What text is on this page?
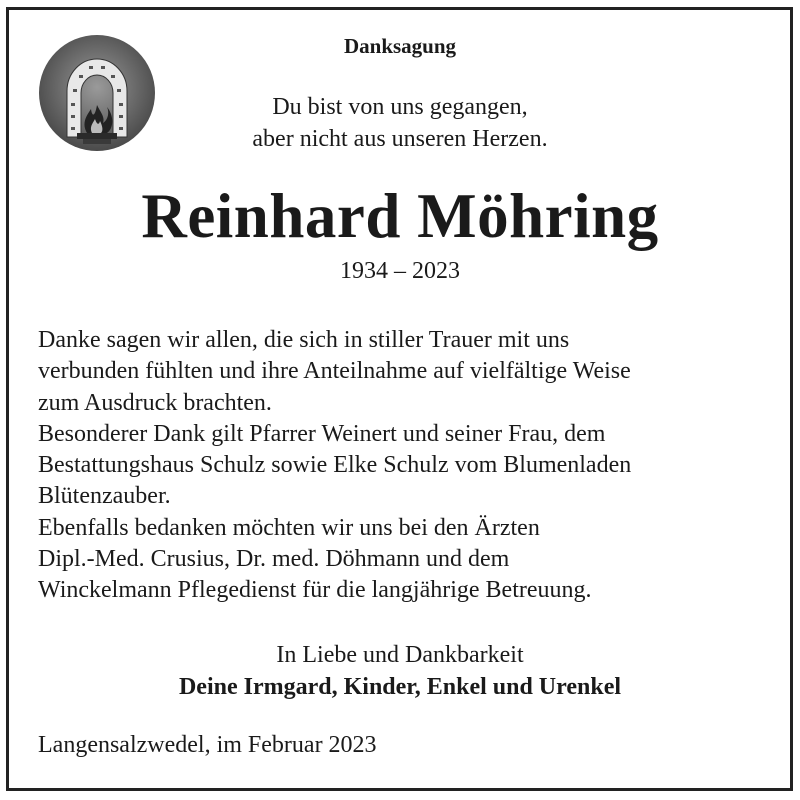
Danksagung
Du bist von uns gegangen,
aber nicht aus unseren Herzen.
Reinhard Möhring
1934 – 2023
Danke sagen wir allen, die sich in stiller Trauer mit uns
verbunden fühlten und ihre Anteilnahme auf vielfältige Weise
zum Ausdruck brachten.
Besonderer Dank gilt Pfarrer Weinert und seiner Frau, dem
Bestattungshaus Schulz sowie Elke Schulz vom Blumenladen
Blütenzauber.
Ebenfalls bedanken möchten wir uns bei den Ärzten
Dipl.-Med. Crusius, Dr. med. Döhmann und dem
Winckelmann Pflegedienst für die langjährige Betreuung.
In Liebe und Dankbarkeit
Deine Irmgard, Kinder, Enkel und Urenkel
Langensalzwedel, im Februar 2023
